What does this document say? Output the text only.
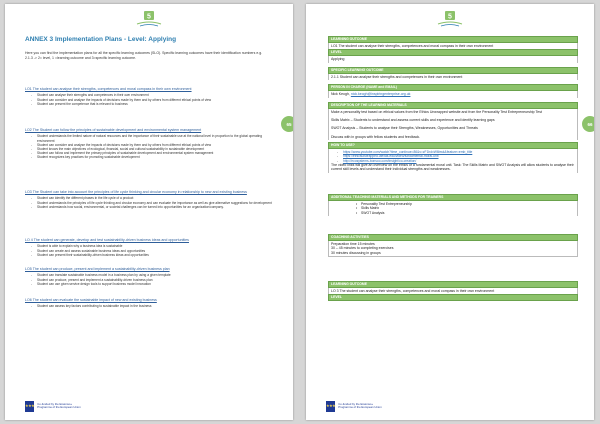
5
ANNEX 3 Implementation Plans - Level: Applying
Here you can find the implementation plans for all the specific learning outcomes (SLO). Specific learning outcomes have their identification numbers e.g. 2.1.3 -> 2= level, 1 =learning outcome and 3=specific learning outcome.
LO1 The student can analyse their strengths, competences and moral compass in their own environment
- Student can analyse their strengths and competences in their own environment
- Student can consider and analyse the impacts of decisions made by them and by others from different ethical points of view
- Student can present the competence that is relevant to business
LO2 The Student can follow the principles of sustainable development and environmental system management
- Student understands the limited nature of natural resources and the importance of their sustainable use at the national level in proportion to the global operating environment
- Student can consider and analyse the impacts of decisions made by them and by others from different ethical points of view
- Student knows the main objectives of ecological, financial, social and cultural sustainability in sustainable development
- Student can follow and implement the primary principles of sustainable development and environmental system management
- Student recognizes key practices for promoting sustainable development
LO3 The Student can take into account the principles of life cycle thinking and circular economy in relationship to new and existing business
- Student can identify the different phases in the life cycle of a product
- Student understands the principles of life cycle thinking and circular economy and can evaluate the importance as well as give alternative suggestions for development
- Student understands how social, environmental, or societal challenges can be turned into opportunities for an organization/company.
LO 4 The student can generate, develop and test sustainability-driven business ideas and opportunities
- Student is able to explain why a business idea is sustainable
- Student can create and assess sustainable business ideas and opportunities
- Student can present their sustainability-driven business ideas and opportunities
LO5 The student can produce, present and implement a sustainability-driven business plan
- Student can translate sustainable business model in a business plan by using a given template
- Student can produce, present and implement a sustainability-driven business plan
- Student can use given service design tools to support business model innovation
LO6 The student can evaluate the sustainable impact of new and existing business
- Student can assess key factors contributing to sustainable impact in the business
65
★★★ Co-funded by the Erasmus+ Programme of the European Union
5
LEARNING OUTCOME
LO1 The student can analyse their strengths, competences and moral compass in their own environment
LEVEL
Applying
SPECIFIC LEARNING OUTCOME
2.1.1 Student can analyse their strengths and competences in their own environment
PERSON IN CHARGE (NAME and EMAIL)
Nick Keogh, nick.keogh@inspiringenterprise.org.uk
DESCRIPTION OF THE LEARNING MATERIALS
Make a personality test based on ethical values from the Ethics Unwrapped website and from the Personality Test Entrepreneurship Test
Skills Matrix – Students to understand and assess current skills and experience and identify learning gaps
SWOT Analysis – Students to analyse their Strengths, Weaknesses, Opportunities and Threats
Discuss with in groups with fellow students and feedback.
HOW TO USE?
- https://www.youtube.com/watch?time_continue=86&v=zF1hdvW6bwk&feature=emb_title
- https://ethicsunwrapped.utexas.edu/video/fundamental-moral-unit
- http://ecosystems-bonsoo.com/insight/co-creation/
The video links will give an overview on the ethics of a fundamental moral unit. Task: The Skills Matrix and SWOT Analysis will allow students to analyse their current skill levels and understand their individual strengths and weaknesses.
ADDITIONAL TEACHING MATERIALS AND METHODS FOR TRAINERS
• Personality Test Entrepreneurship
• Skills Matrix
• SWOT Analysis
COACHING ACTIVITIES
Preparation time 15 minutes
30 – 45 minutes to completing exercises
30 minutes discussing in groups
LEARNING OUTCOME
LO 3 The student can analyse their strengths, competences and moral compass in their own environment
LEVEL
66
★★★ Co-funded by the Erasmus+ Programme of the European Union
